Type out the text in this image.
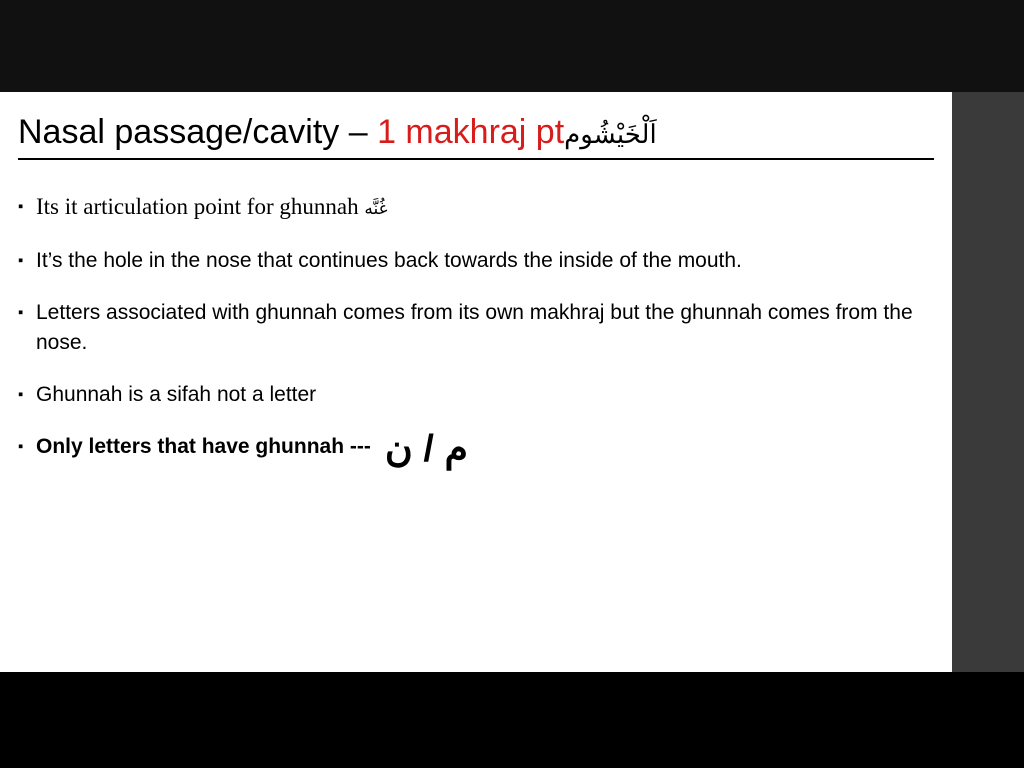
Nasal passage/cavity – 1 makhraj ptاَلْخَيْشُوم
▪ Its it articulation point for ghunnah غُنَّه
▪ It’s the hole in the nose that continues back towards the inside of the mouth.
▪ Letters associated with ghunnah comes from its own makhraj but the ghunnah comes from the nose.
▪ Ghunnah is a sifah not a letter
▪ Only letters that have ghunnah --- م / ن
